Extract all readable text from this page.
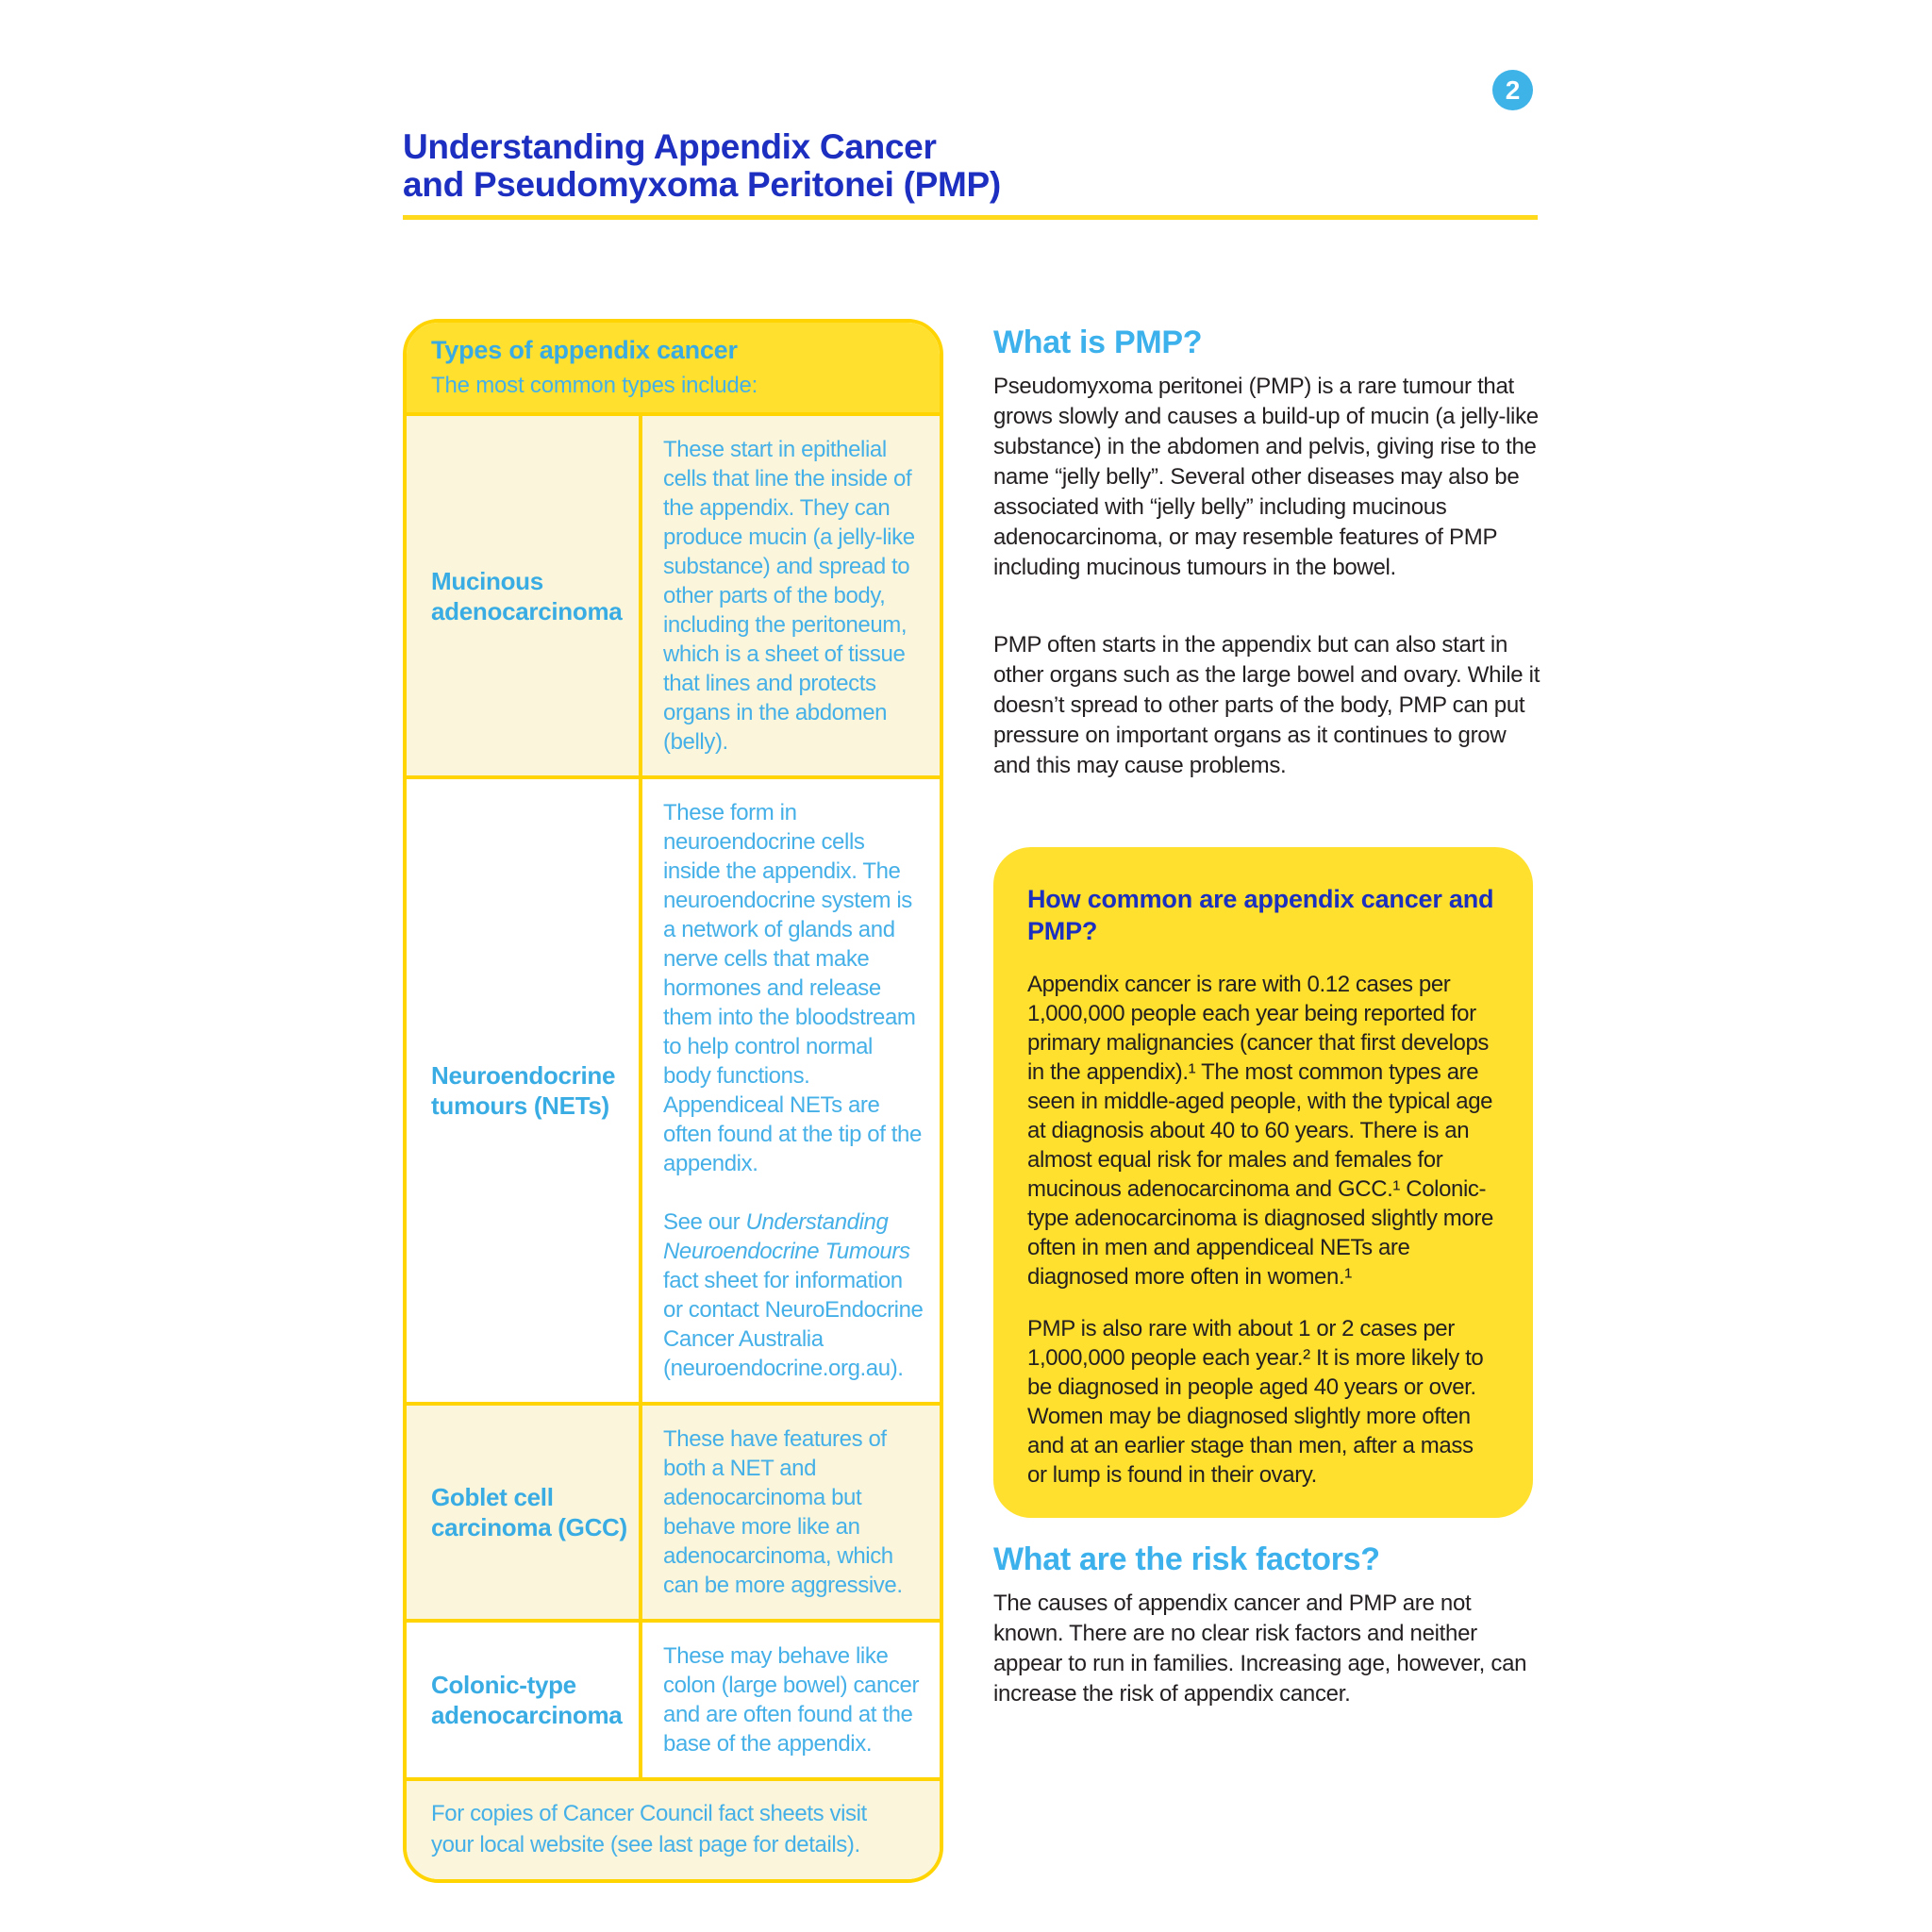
2
Understanding Appendix Cancer
and Pseudomyxoma Peritonei (PMP)
Types of appendix cancer
The most common types include:
Mucinous adenocarcinoma

These start in epithelial cells that line the inside of the appendix. They can produce mucin (a jelly-like substance) and spread to other parts of the body, including the peritoneum, which is a sheet of tissue that lines and protects organs in the abdomen (belly).

Neuroendocrine tumours (NETs)

These form in neuroendocrine cells inside the appendix. The neuroendocrine system is a network of glands and nerve cells that make hormones and release them into the bloodstream to help control normal body functions. Appendiceal NETs are often found at the tip of the appendix.

See our Understanding Neuroendocrine Tumours fact sheet for information or contact NeuroEndocrine Cancer Australia (neuroendocrine.org.au).

Goblet cell carcinoma (GCC)

These have features of both a NET and adenocarcinoma but behave more like an adenocarcinoma, which can be more aggressive.

Colonic-type adenocarcinoma

These may behave like colon (large bowel) cancer and are often found at the base of the appendix.

For copies of Cancer Council fact sheets visit your local website (see last page for details).
What is PMP?

Pseudomyxoma peritonei (PMP) is a rare tumour that grows slowly and causes a build-up of mucin (a jelly-like substance) in the abdomen and pelvis, giving rise to the name “jelly belly”. Several other diseases may also be associated with “jelly belly” including mucinous adenocarcinoma, or may resemble features of PMP including mucinous tumours in the bowel.

PMP often starts in the appendix but can also start in other organs such as the large bowel and ovary. While it doesn’t spread to other parts of the body, PMP can put pressure on important organs as it continues to grow and this may cause problems.

How common are appendix cancer and PMP?

Appendix cancer is rare with 0.12 cases per 1,000,000 people each year being reported for primary malignancies (cancer that first develops in the appendix).¹ The most common types are seen in middle-aged people, with the typical age at diagnosis about 40 to 60 years. There is an almost equal risk for males and females for mucinous adenocarcinoma and GCC.¹ Colonic-type adenocarcinoma is diagnosed slightly more often in men and appendiceal NETs are diagnosed more often in women.¹

PMP is also rare with about 1 or 2 cases per 1,000,000 people each year.² It is more likely to be diagnosed in people aged 40 years or over. Women may be diagnosed slightly more often and at an earlier stage than men, after a mass or lump is found in their ovary.

What are the risk factors?

The causes of appendix cancer and PMP are not known. There are no clear risk factors and neither appear to run in families. Increasing age, however, can increase the risk of appendix cancer.
